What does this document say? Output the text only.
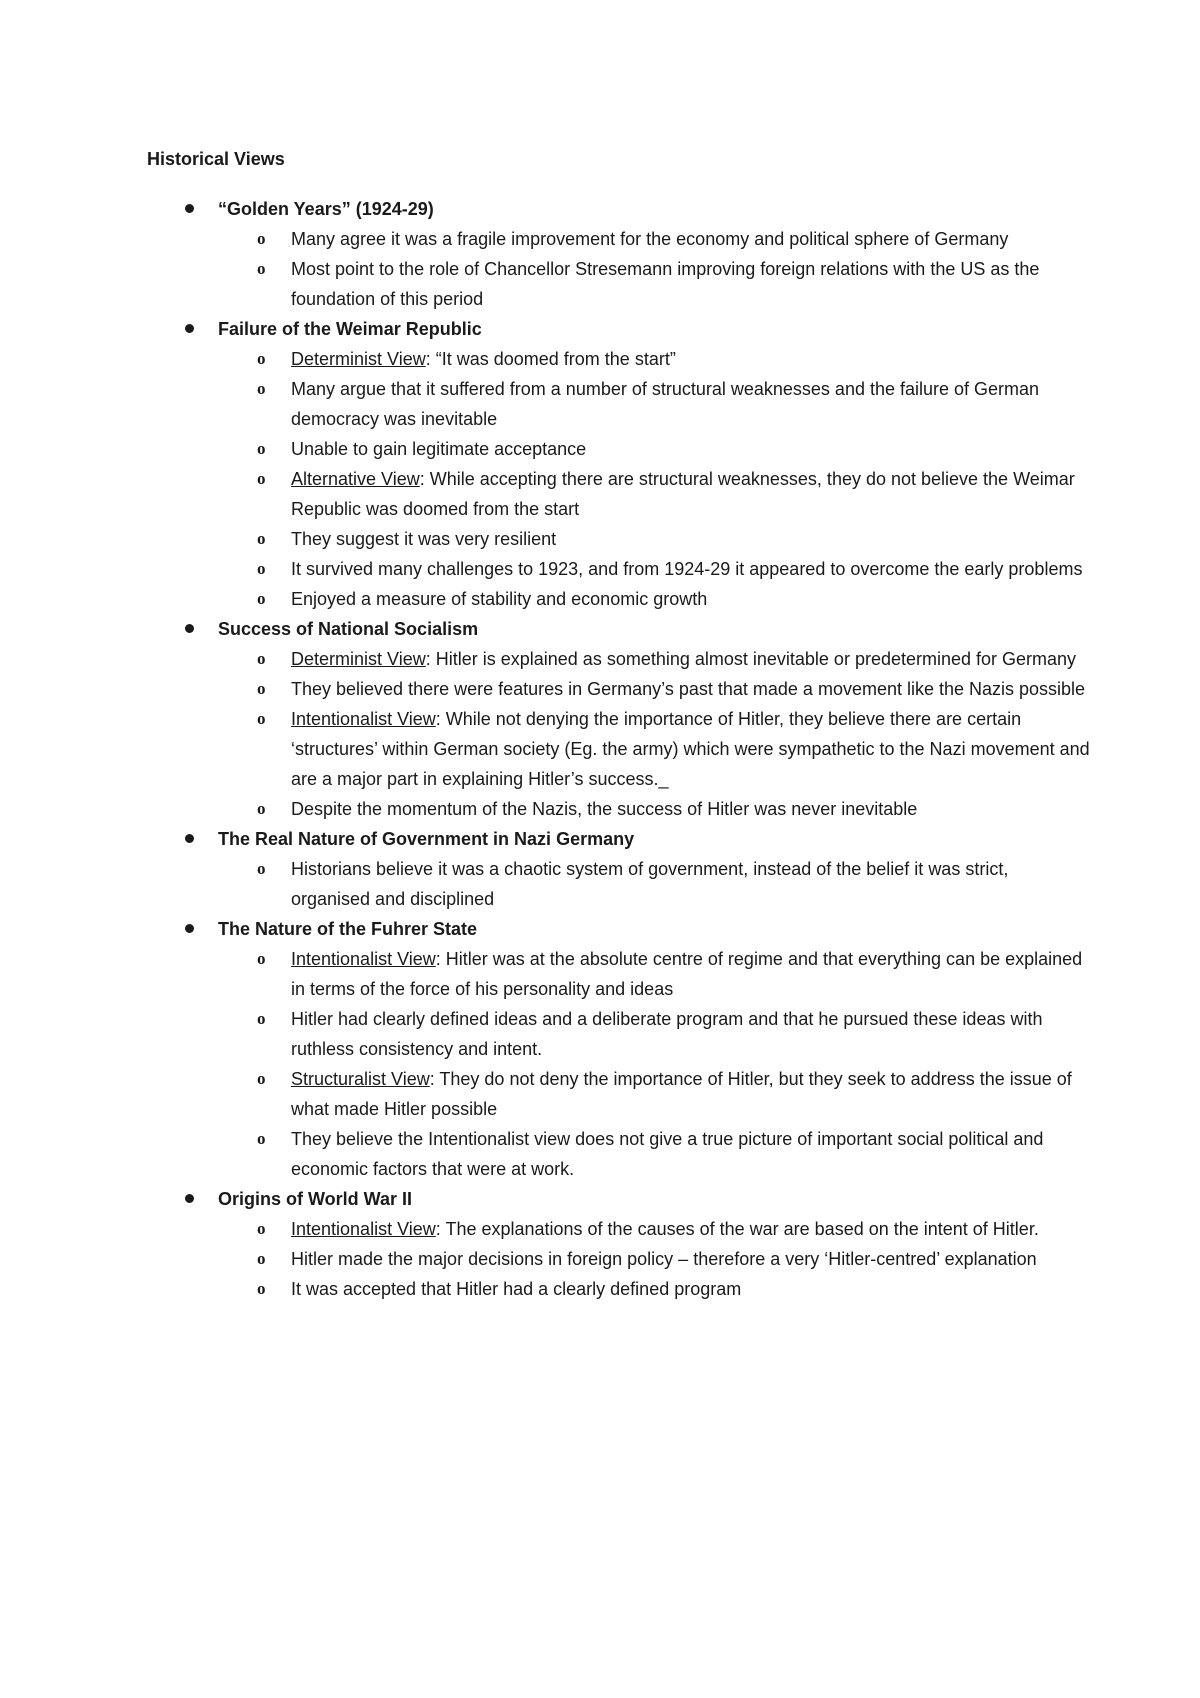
Historical Views
“Golden Years” (1924-29)
o Many agree it was a fragile improvement for the economy and political sphere of Germany
o Most point to the role of Chancellor Stresemann improving foreign relations with the US as the foundation of this period
Failure of the Weimar Republic
o Determinist View: “It was doomed from the start”
o Many argue that it suffered from a number of structural weaknesses and the failure of German democracy was inevitable
o Unable to gain legitimate acceptance
o Alternative View: While accepting there are structural weaknesses, they do not believe the Weimar Republic was doomed from the start
o They suggest it was very resilient
o It survived many challenges to 1923, and from 1924-29 it appeared to overcome the early problems
o Enjoyed a measure of stability and economic growth
Success of National Socialism
o Determinist View: Hitler is explained as something almost inevitable or predetermined for Germany
o They believed there were features in Germany’s past that made a movement like the Nazis possible
o Intentionalist View: While not denying the importance of Hitler, they believe there are certain ‘structures’ within German society (Eg. the army) which were sympathetic to the Nazi movement and are a major part in explaining Hitler’s success._
o Despite the momentum of the Nazis, the success of Hitler was never inevitable
The Real Nature of Government in Nazi Germany
o Historians believe it was a chaotic system of government, instead of the belief it was strict, organised and disciplined
The Nature of the Fuhrer State
o Intentionalist View: Hitler was at the absolute centre of regime and that everything can be explained in terms of the force of his personality and ideas
o Hitler had clearly defined ideas and a deliberate program and that he pursued these ideas with ruthless consistency and intent.
o Structuralist View: They do not deny the importance of Hitler, but they seek to address the issue of what made Hitler possible
o They believe the Intentionalist view does not give a true picture of important social political and economic factors that were at work.
Origins of World War II
o Intentionalist View: The explanations of the causes of the war are based on the intent of Hitler.
o Hitler made the major decisions in foreign policy – therefore a very ‘Hitler-centred’ explanation
o It was accepted that Hitler had a clearly defined program
